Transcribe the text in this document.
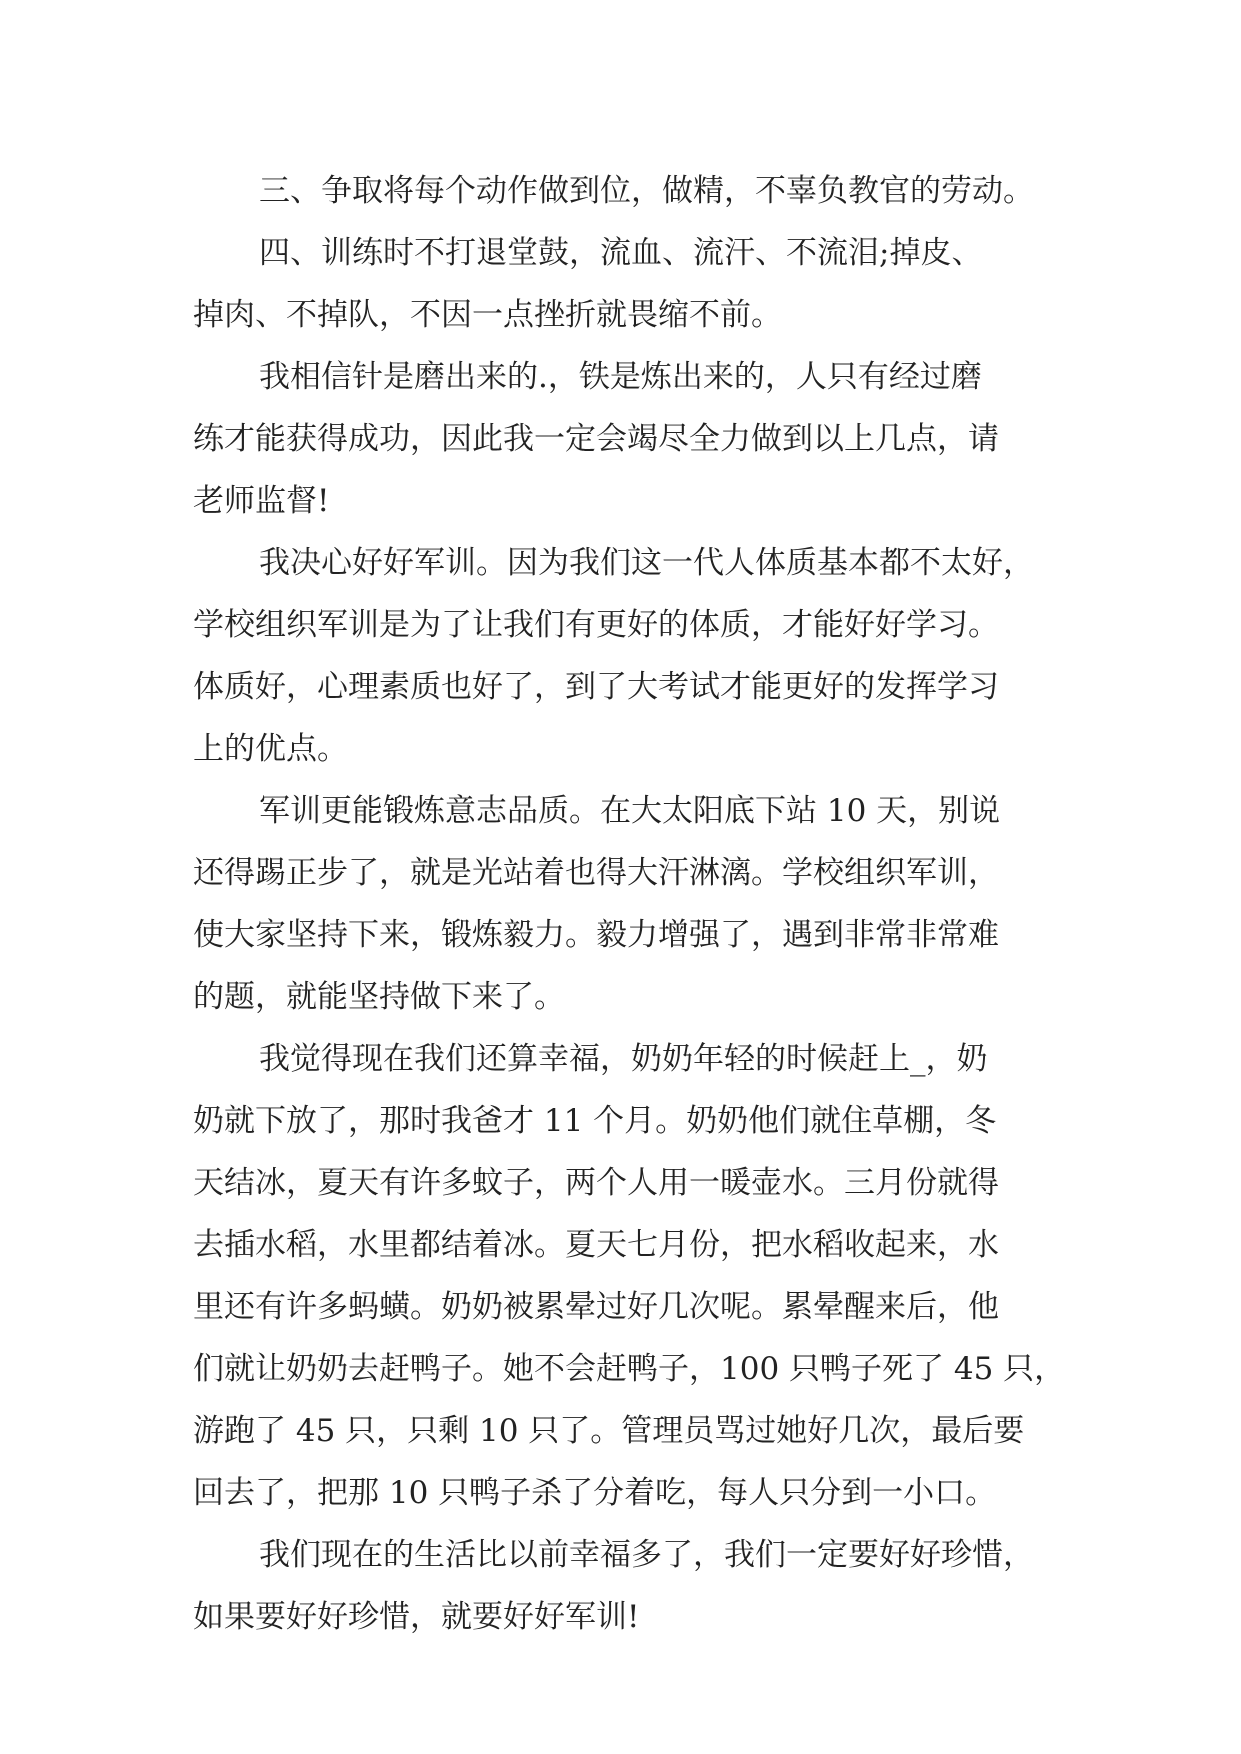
三、争取将每个动作做到位，做精，不辜负教官的劳动。

四、训练时不打退堂鼓，流血、流汗、不流泪;掉皮、
掉肉、不掉队，不因一点挫折就畏缩不前。

我相信针是磨出来的.，铁是炼出来的，人只有经过磨
练才能获得成功，因此我一定会竭尽全力做到以上几点，请
老师监督!

我决心好好军训。因为我们这一代人体质基本都不太好，
学校组织军训是为了让我们有更好的体质，才能好好学习。
体质好，心理素质也好了，到了大考试才能更好的发挥学习
上的优点。

军训更能锻炼意志品质。在大太阳底下站 10 天，别说
还得踢正步了，就是光站着也得大汗淋漓。学校组织军训，
使大家坚持下来，锻炼毅力。毅力增强了，遇到非常非常难
的题，就能坚持做下来了。

我觉得现在我们还算幸福，奶奶年轻的时候赶上_，奶
奶就下放了，那时我爸才 11 个月。奶奶他们就住草棚，冬
天结冰，夏天有许多蚊子，两个人用一暖壶水。三月份就得
去插水稻，水里都结着冰。夏天七月份，把水稻收起来，水
里还有许多蚂蟥。奶奶被累晕过好几次呢。累晕醒来后，他
们就让奶奶去赶鸭子。她不会赶鸭子，100 只鸭子死了 45 只，
游跑了 45 只，只剩 10 只了。管理员骂过她好几次，最后要
回去了，把那 10 只鸭子杀了分着吃，每人只分到一小口。

我们现在的生活比以前幸福多了，我们一定要好好珍惜，
如果要好好珍惜，就要好好军训!
